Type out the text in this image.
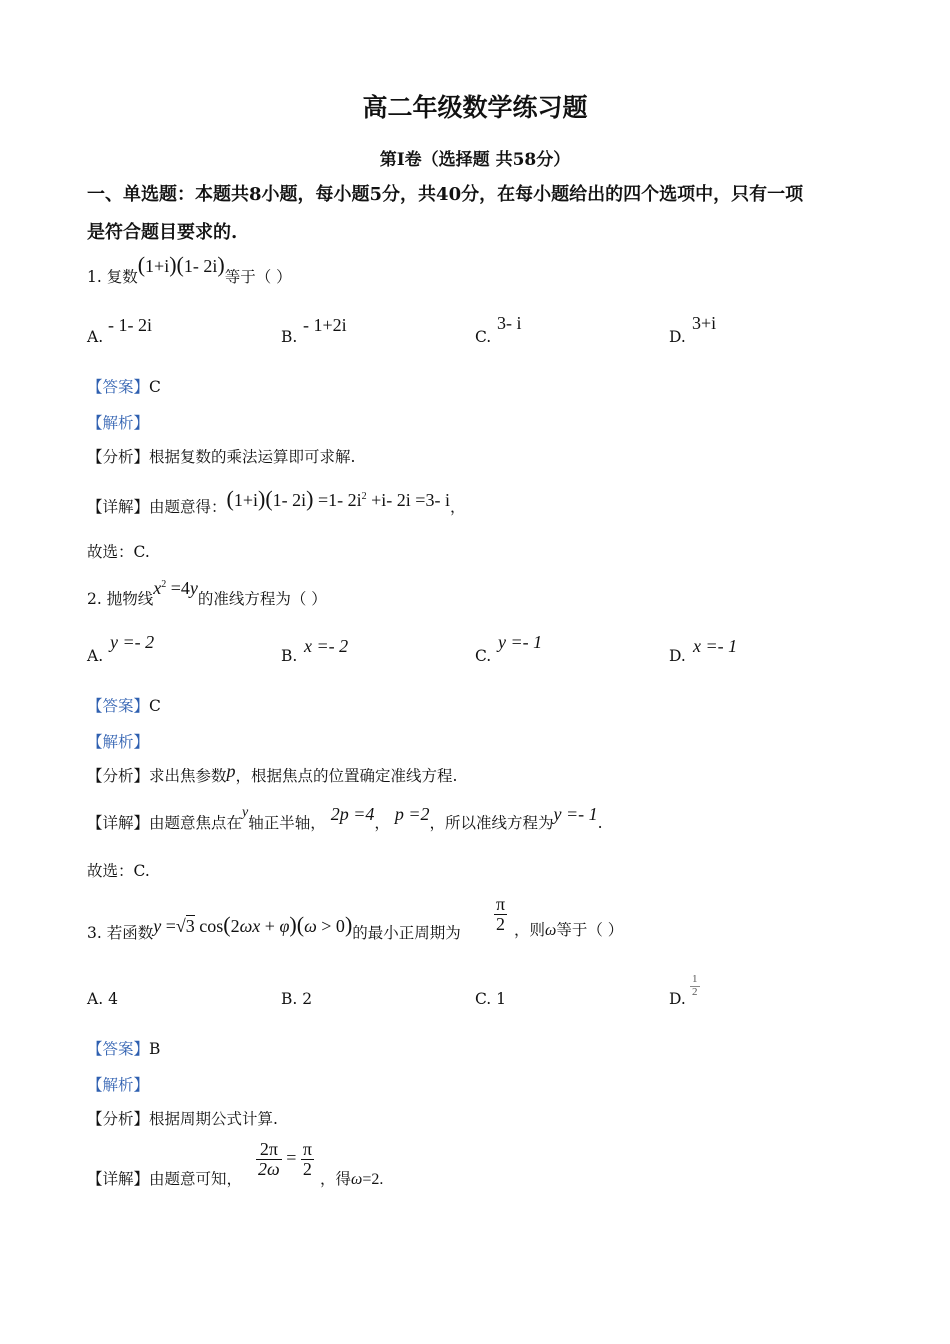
高二年级数学练习题
第Ⅰ卷（选择题 共58分）
一、单选题：本题共8小题，每小题5分，共40分，在每小题给出的四个选项中，只有一项
是符合题目要求的.
1. 复数(1+i)(1- 2i)等于（ ）
A.
- 1- 2i
B.
- 1+2i
C.
3- i
D.
3+i
【答案】C
【解析】
【分析】根据复数的乘法运算即可求解.
【详解】由题意得：(1+i)(1- 2i) =1- $2i^2 +i-$ 2i =3- i，
故选：C.
2. 抛物线$x^2 =4y$的准线方程为（ ）
A.
y =- 2
B. x =- 2	C.
y =- 1
D. x =- 1
【答案】C
【解析】
【分析】求出焦参数p，根据焦点的位置确定准线方程.
【详解】由题意焦点在y轴正半轴， 2p =4， p =2，所以准线方程为y =- 1.
故选：C.
3. 若函数y =√3 cos(2ωx + φ)(ω > 0)的最小正周期为 $\frac{\pi}{2}$ ，则ω等于（ ）
A. 4	B. 2	C. 1	D.
$\frac{1}{2}$
【答案】B
【解析】
【分析】根据周期公式计算.
【详解】由题意可知，
$\frac{2\pi}{2\omega} = \frac{\pi}{2}$
，得ω=2.
